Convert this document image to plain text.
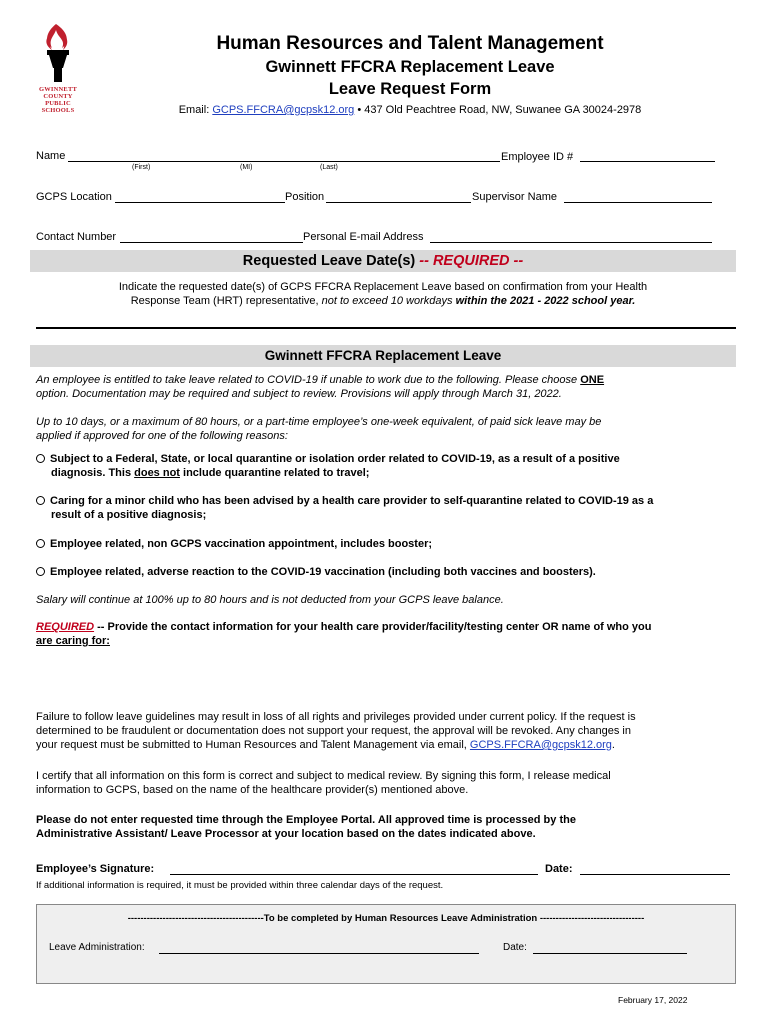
GWINNETT
COUNTY
PUBLIC
SCHOOLS
Human Resources and Talent Management
Gwinnett FFCRA Replacement Leave
Leave Request Form
Email: GCPS.FFCRA@gcpsk12.org • 437 Old Peachtree Road, NW, Suwanee GA 30024-2978
Name
(First)	(MI)	(Last)
Employee ID #
GCPS Location	Position	Supervisor Name
Contact Number	Personal E-mail Address
Requested Leave Date(s) -- REQUIRED --
Indicate the requested date(s) of GCPS FFCRA Replacement Leave based on confirmation from your Health
Response Team (HRT) representative, not to exceed 10 workdays within the 2021 - 2022 school year.
Gwinnett FFCRA Replacement Leave
An employee is entitled to take leave related to COVID-19 if unable to work due to the following. Please choose ONE
option. Documentation may be required and subject to review. Provisions will apply through March 31, 2022.
Up to 10 days, or a maximum of 80 hours, or a part-time employee’s one-week equivalent, of paid sick leave may be
applied if approved for one of the following reasons:
Subject to a Federal, State, or local quarantine or isolation order related to COVID-19, as a result of a positive
diagnosis. This does not include quarantine related to travel;
Caring for a minor child who has been advised by a health care provider to self-quarantine related to COVID-19 as a
result of a positive diagnosis;
Employee related, non GCPS vaccination appointment, includes booster;
Employee related, adverse reaction to the COVID-19 vaccination (including both vaccines and boosters).
Salary will continue at 100% up to 80 hours and is not deducted from your GCPS leave balance.
REQUIRED -- Provide the contact information for your health care provider/facility/testing center OR name of who you
are caring for:
Failure to follow leave guidelines may result in loss of all rights and privileges provided under current policy. If the request is
determined to be fraudulent or documentation does not support your request, the approval will be revoked. Any changes in
your request must be submitted to Human Resources and Talent Management via email, GCPS.FFCRA@gcpsk12.org.
I certify that all information on this form is correct and subject to medical review. By signing this form, I release medical
information to GCPS, based on the name of the healthcare provider(s) mentioned above.
Please do not enter requested time through the Employee Portal. All approved time is processed by the
Administrative Assistant/ Leave Processor at your location based on the dates indicated above.
Employee’s Signature:	Date:
If additional information is required, it must be provided within three calendar days of the request.
-------------------------------------------To be completed by Human Resources Leave Administration ---------------------------------
Leave Administration:	Date:
February 17, 2022
